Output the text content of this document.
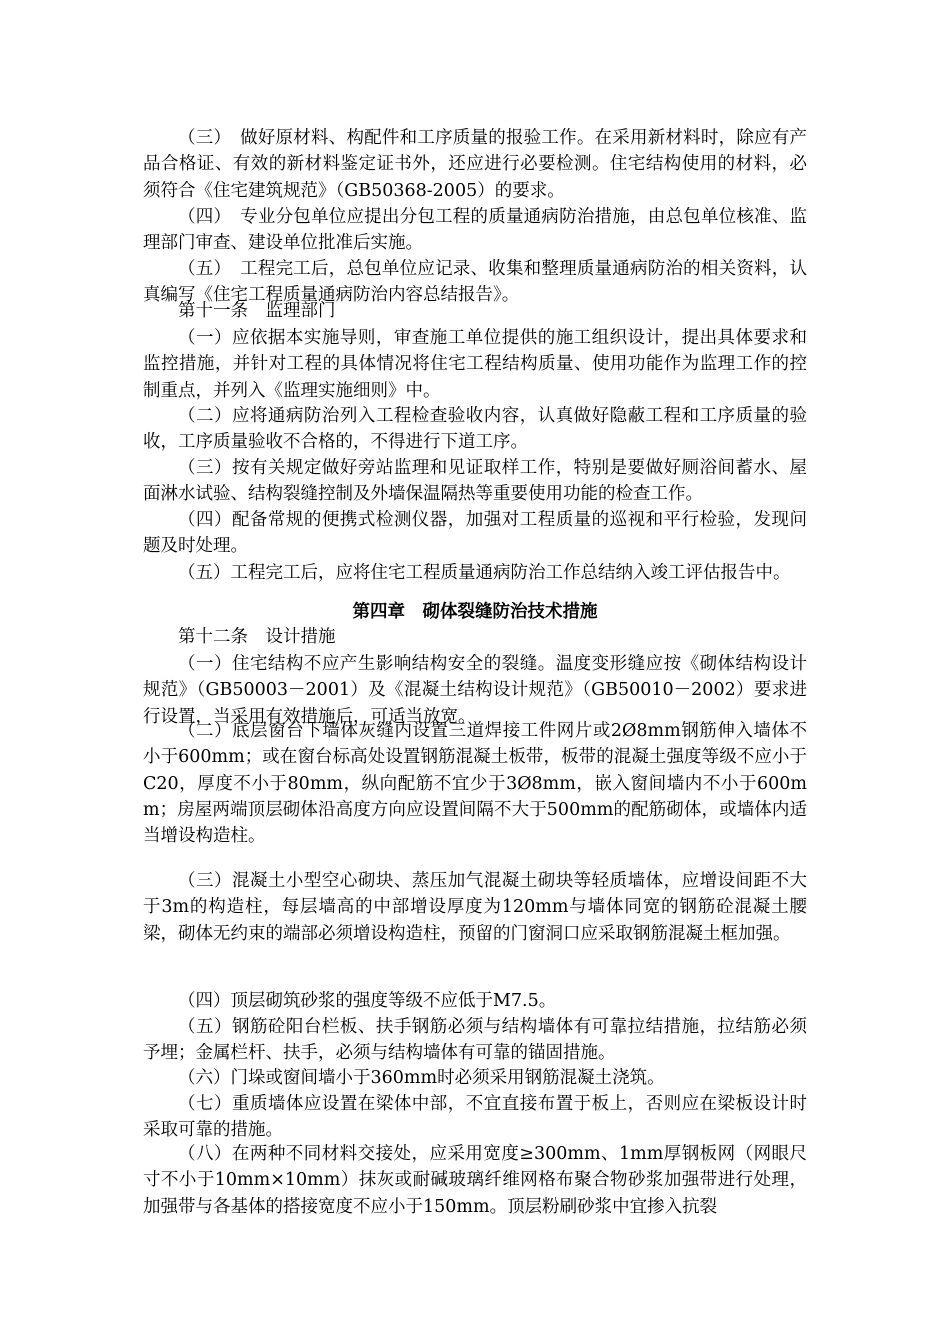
（三）　做好原材料、构配件和工序质量的报验工作。在采用新材料时，除应有产品合格证、有效的新材料鉴定证书外，还应进行必要检测。住宅结构使用的材料，必须符合《住宅建筑规范》（GB50368-2005）的要求。

（四）　专业分包单位应提出分包工程的质量通病防治措施，由总包单位核准、监理部门审查、建设单位批准后实施。

（五）　工程完工后，总包单位应记录、收集和整理质量通病防治的相关资料，认真编写《住宅工程质量通病防治内容总结报告》。

第十一条　监理部门

（一）应依据本实施导则，审查施工单位提供的施工组织设计，提出具体要求和监控措施，并针对工程的具体情况将住宅工程结构质量、使用功能作为监理工作的控制重点，并列入《监理实施细则》中。

（二）应将通病防治列入工程检查验收内容，认真做好隐蔽工程和工序质量的验收，工序质量验收不合格的，不得进行下道工序。

（三）按有关规定做好旁站监理和见证取样工作，特别是要做好厕浴间蓄水、屋面淋水试验、结构裂缝控制及外墙保温隔热等重要使用功能的检查工作。

（四）配备常规的便携式检测仪器，加强对工程质量的巡视和平行检验，发现问题及时处理。

（五）工程完工后，应将住宅工程质量通病防治工作总结纳入竣工评估报告中。

第四章　砌体裂缝防治技术措施

第十二条　设计措施

（一）住宅结构不应产生影响结构安全的裂缝。温度变形缝应按《砌体结构设计规范》（GB50003－2001）及《混凝土结构设计规范》（GB50010－2002）要求进行设置，当采用有效措施后，可适当放宽。

（二）底层窗台下墙体灰缝内设置三道焊接工件网片或2Ø8mm钢筋伸入墙体不小于600mm；或在窗台标高处设置钢筋混凝土板带，板带的混凝土强度等级不应小于C20，厚度不小于80mm，纵向配筋不宜少于3Ø8mm，嵌入窗间墙内不小于600mm；房屋两端顶层砌体沿高度方向应设置间隔不大于500mm的配筋砌体，或墙体内适当增设构造柱。

（三）混凝土小型空心砌块、蒸压加气混凝土砌块等轻质墙体，应增设间距不大于3m的构造柱，每层墙高的中部增设厚度为120mm与墙体同宽的钢筋砼混凝土腰梁，砌体无约束的端部必须增设构造柱，预留的门窗洞口应采取钢筋混凝土框加强。

（四）顶层砌筑砂浆的强度等级不应低于M7.5。

（五）钢筋砼阳台栏板、扶手钢筋必须与结构墙体有可靠拉结措施，拉结筋必须予埋；金属栏杆、扶手，必须与结构墙体有可靠的锚固措施。

（六）门垛或窗间墙小于360mm时必须采用钢筋混凝土浇筑。

（七）重质墙体应设置在梁体中部，不宜直接布置于板上，否则应在梁板设计时采取可靠的措施。

（八）在两种不同材料交接处，应采用宽度≥300mm、1mm厚钢板网（网眼尺寸不小于10mm×10mm）抹灰或耐碱玻璃纤维网格布聚合物砂浆加强带进行处理，加强带与各基体的搭接宽度不应小于150mm。顶层粉刷砂浆中宜掺入抗裂
